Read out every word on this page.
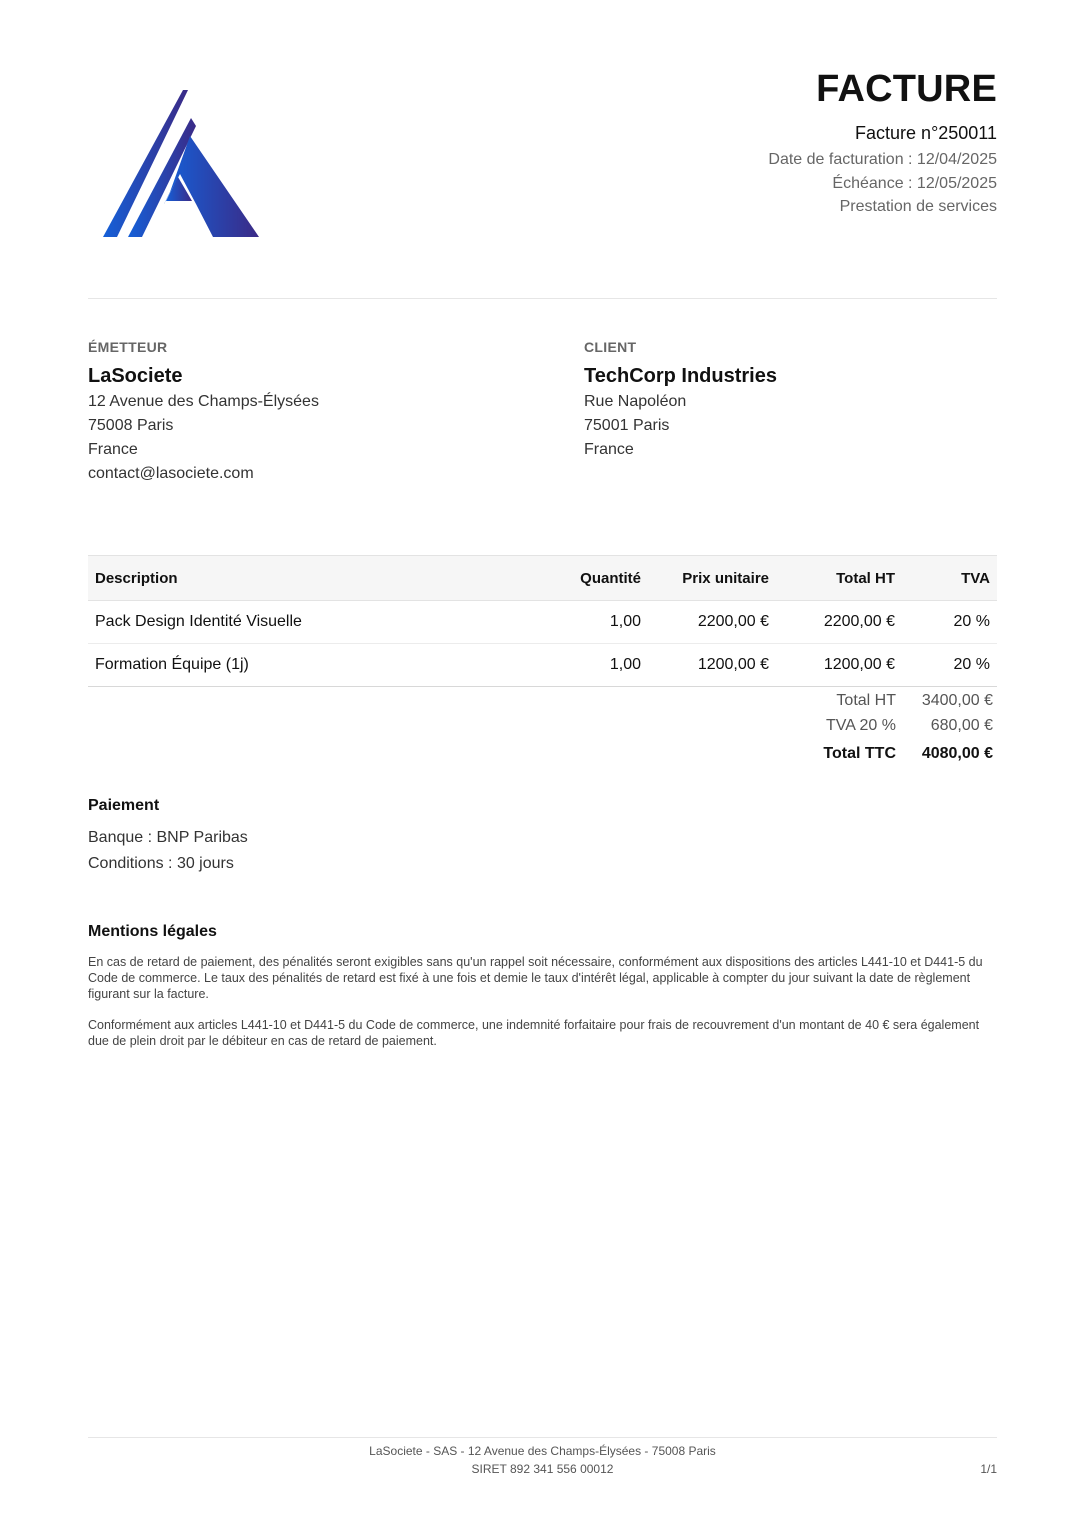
FACTURE
Facture n°250011
Date de facturation : 12/04/2025
Échéance : 12/05/2025
Prestation de services
ÉMETTEUR
LaSociete
12 Avenue des Champs-Élysées
75008 Paris
France
contact@lasociete.com
CLIENT
TechCorp Industries
Rue Napoléon
75001 Paris
France
Description	Quantité	Prix unitaire	Total HT	TVA
Pack Design Identité Visuelle	1,00	2200,00 €	2200,00 €	20 %
Formation Équipe (1j)	1,00	1200,00 €	1200,00 €	20 %
Total HT 3400,00 €
TVA 20 % 680,00 €
Total TTC 4080,00 €
Paiement
Banque : BNP Paribas
Conditions : 30 jours
Mentions légales
En cas de retard de paiement, des pénalités seront exigibles sans qu'un rappel soit nécessaire, conformément aux dispositions des articles L441-10 et D441-5 du Code de commerce. Le taux des pénalités de retard est fixé à une fois et demie le taux d'intérêt légal, applicable à compter du jour suivant la date de règlement figurant sur la facture.
Conformément aux articles L441-10 et D441-5 du Code de commerce, une indemnité forfaitaire pour frais de recouvrement d'un montant de 40 € sera également due de plein droit par le débiteur en cas de retard de paiement.
LaSociete - SAS - 12 Avenue des Champs-Élysées - 75008 Paris
SIRET 892 341 556 00012	1/1
